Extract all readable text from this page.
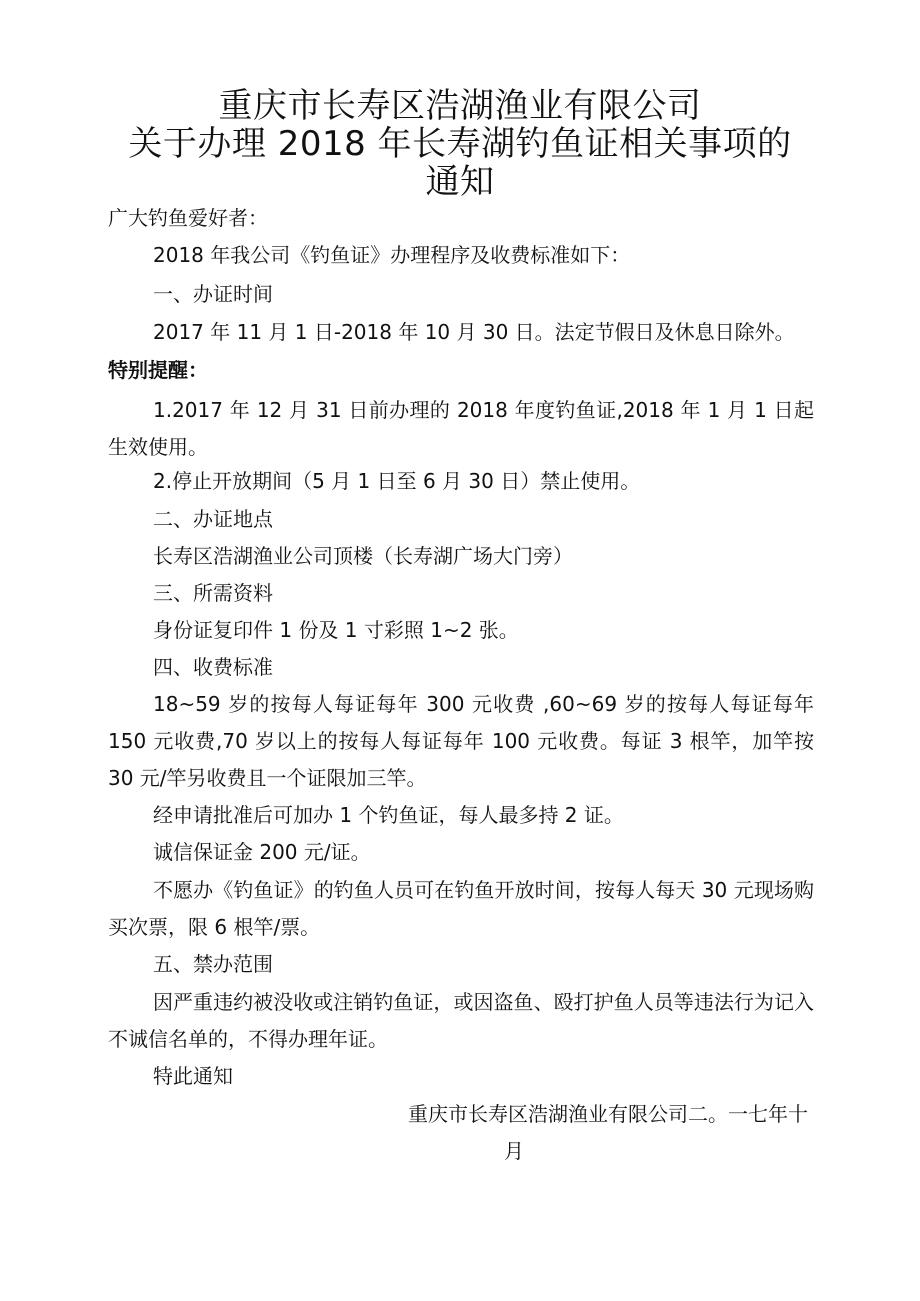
重庆市长寿区浩湖渔业有限公司
关于办理 2018 年长寿湖钓鱼证相关事项的
通知
广大钓鱼爱好者：
2018 年我公司《钓鱼证》办理程序及收费标准如下：
一、办证时间
2017 年 11 月 1 日-2018 年 10 月 30 日。法定节假日及休息日除外。
特别提醒：
1.2017 年 12 月 31 日前办理的 2018 年度钓鱼证,2018 年 1 月 1 日起生效使用。
2.停止开放期间（5 月 1 日至 6 月 30 日）禁止使用。
二、办证地点
长寿区浩湖渔业公司顶楼（长寿湖广场大门旁）
三、所需资料
身份证复印件 1 份及 1 寸彩照 1~2 张。
四、收费标准
18~59 岁的按每人每证每年 300 元收费 ,60~69 岁的按每人每证每年 150 元收费,70 岁以上的按每人每证每年 100 元收费。每证 3 根竿，加竿按 30 元/竿另收费且一个证限加三竿。
经申请批准后可加办 1 个钓鱼证，每人最多持 2 证。
诚信保证金 200 元/证。
不愿办《钓鱼证》的钓鱼人员可在钓鱼开放时间，按每人每天 30 元现场购买次票，限 6 根竿/票。
五、禁办范围
因严重违约被没收或注销钓鱼证，或因盗鱼、殴打护鱼人员等违法行为记入不诚信名单的，不得办理年证。
特此通知
重庆市长寿区浩湖渔业有限公司二。一七年十
月
